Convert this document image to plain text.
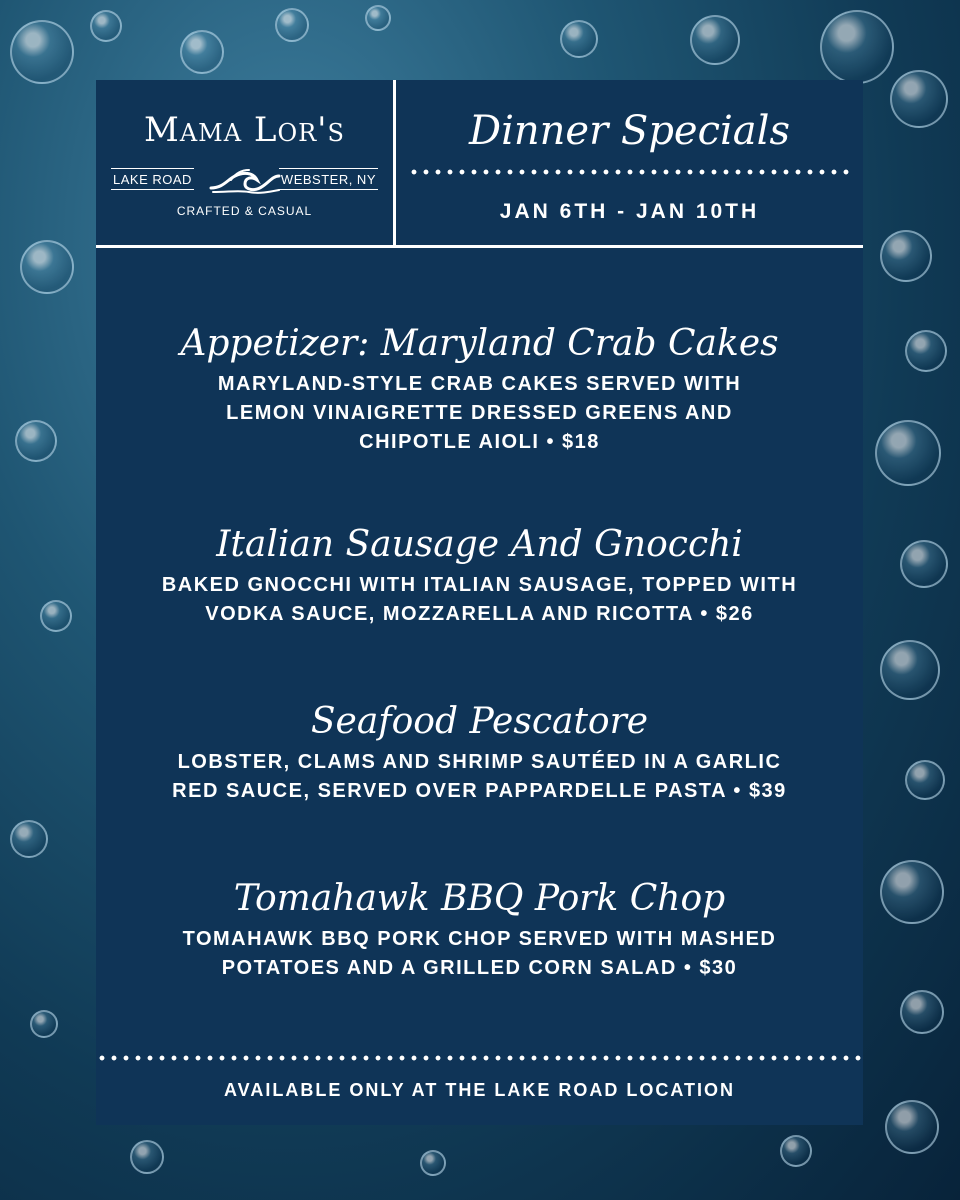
Mama Lor's
LAKE ROAD	WEBSTER, NY
CRAFTED & CASUAL
Dinner Specials
JAN 6TH - JAN 10TH
Appetizer: Maryland Crab Cakes
MARYLAND-STYLE CRAB CAKES SERVED WITH
LEMON VINAIGRETTE DRESSED GREENS AND
CHIPOTLE AIOLI • $18
Italian Sausage And Gnocchi
BAKED GNOCCHI WITH ITALIAN SAUSAGE, TOPPED WITH
VODKA SAUCE, MOZZARELLA AND RICOTTA • $26
Seafood Pescatore
LOBSTER, CLAMS AND SHRIMP SAUTÉED IN A GARLIC
RED SAUCE, SERVED OVER PAPPARDELLE PASTA • $39
Tomahawk BBQ Pork Chop
TOMAHAWK BBQ PORK CHOP SERVED WITH MASHED
POTATOES AND A GRILLED CORN SALAD • $30
AVAILABLE ONLY AT THE LAKE ROAD LOCATION
